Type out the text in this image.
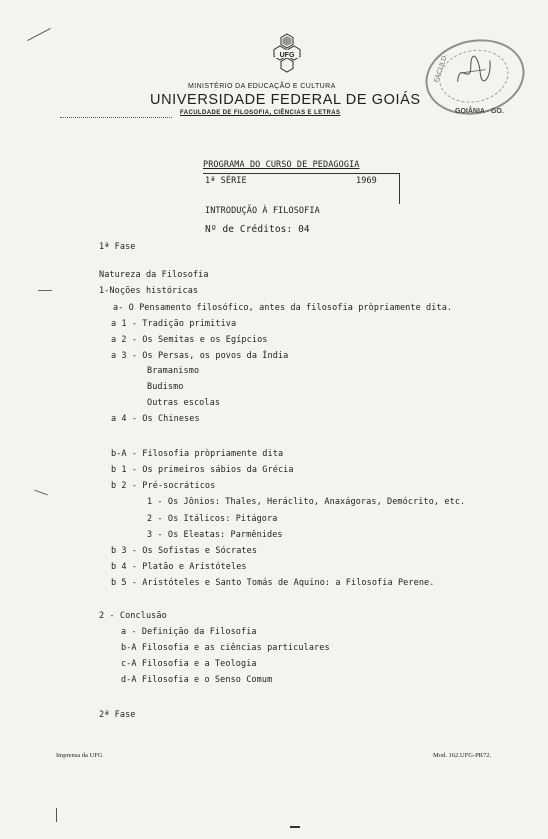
UFG
MINISTÉRIO DA EDUCAÇÃO E CULTURA
UNIVERSIDADE FEDERAL DE GOIÁS
FACULDADE DE FILOSOFIA, CIÊNCIAS E LETRAS
FACULD.
GOIÂNIA - GO.
PROGRAMA DO CURSO DE PEDAGOGIA
1ª SÉRIE	1969
INTRODUÇÃO À FILOSOFIA
Nº de Créditos: 04
1ª Fase
Natureza da Filosofia
1-Noções históricas
a- O Pensamento filosófico, antes da filosofia pròpriamente dita.
a 1 - Tradição primitiva
a 2 - Os Semitas e os Egípcios
a 3 - Os Persas, os povos da Índia
Bramanismo
Budismo
Outras escolas
a 4 - Os Chineses
b-A - Filosofia pròpriamente dita
b 1 - Os primeiros sábios da Grécia
b 2 - Pré-socráticos
1 - Os Jônios: Thales, Heráclito, Anaxágoras, Demócrito, etc.
2 - Os Itálicos: Pitágora
3 - Os Eleatas: Parmênides
b 3 - Os Sofistas e Sócrates
b 4 - Platão e Aristóteles
b 5 - Aristóteles e Santo Tomás de Aquino: a Filosofia Perene.
2 - Conclusão
a - Definição da Filosofia
b-A Filosofia e as ciências particulares
c-A Filosofia e a Teologia
d-A Filosofia e o Senso Comum
2ª Fase
Imprensa da UFG	Mod. 162.UFG-PR72.
